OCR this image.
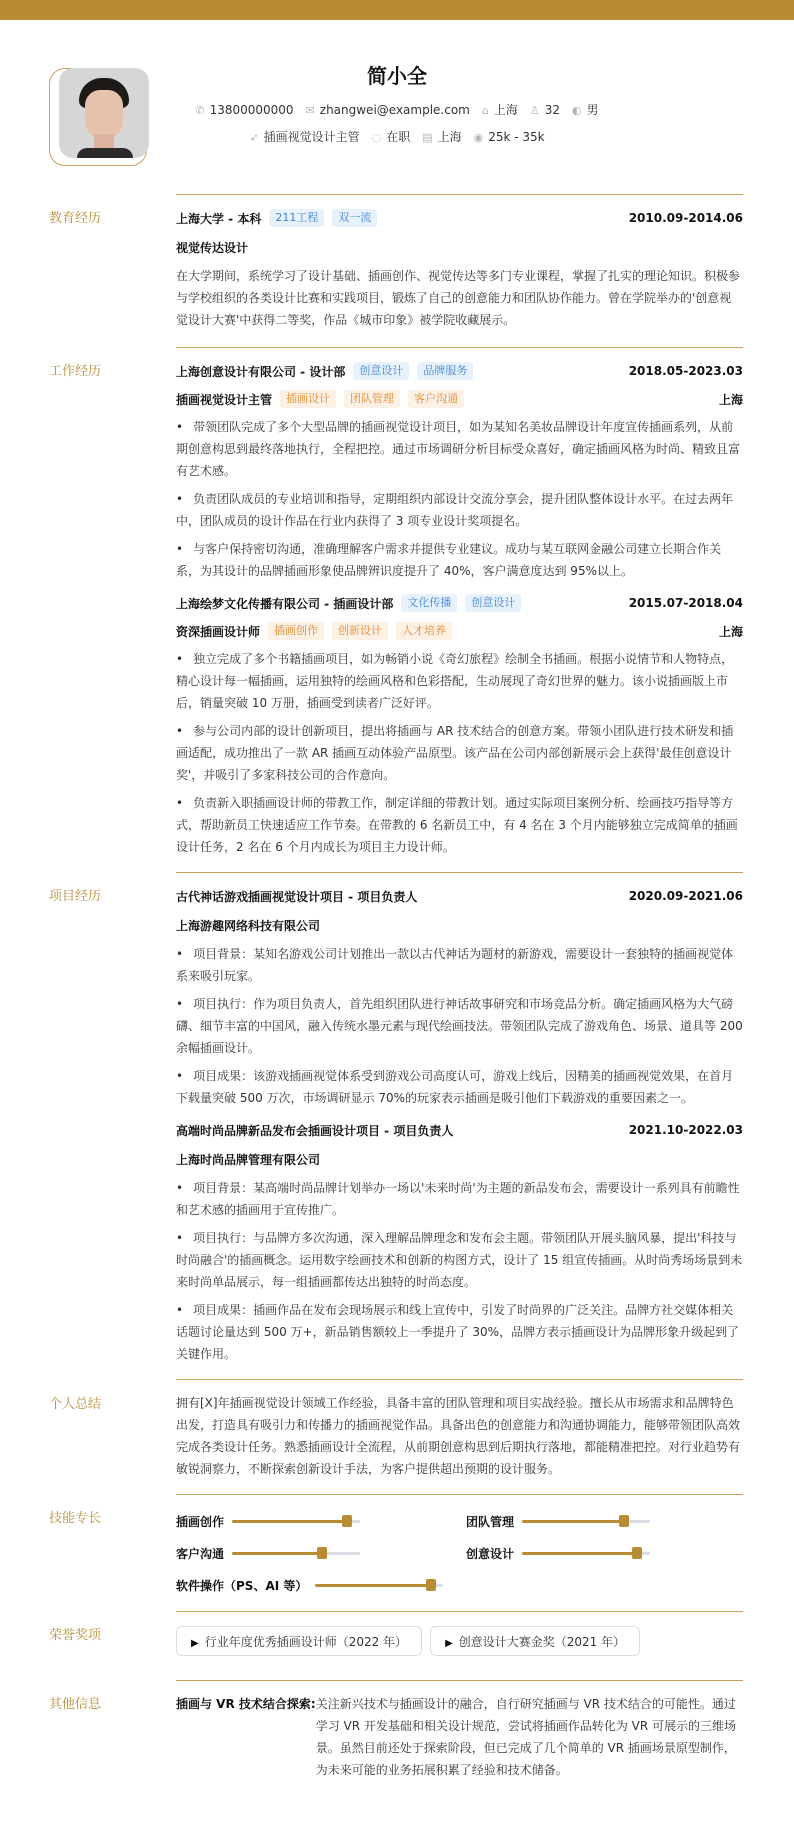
简小全
✆ 13800000000 ✉ zhangwei@example.com ⌂ 上海 ♙ 32 ◐ 男
➶ 插画视觉设计主管 ◌ 在职 ▤ 上海 ◉ 25k - 35k
教育经历	上海大学 - 本科	211工程	双一流	2010.09-2014.06
视觉传达设计
在大学期间，系统学习了设计基础、插画创作、视觉传达等多门专业课程，掌握了扎实的理论知识。积极参与学校组织的各类设计比赛和实践项目，锻炼了自己的创意能力和团队协作能力。曾在学院举办的'创意视觉设计大赛'中获得二等奖，作品《城市印象》被学院收藏展示。
工作经历	上海创意设计有限公司 - 设计部	创意设计	品牌服务	2018.05-2023.03
插画视觉设计主管	插画设计	团队管理	客户沟通	上海
• 带领团队完成了多个大型品牌的插画视觉设计项目，如为某知名美妆品牌设计年度宣传插画系列，从前期创意构思到最终落地执行，全程把控。通过市场调研分析目标受众喜好，确定插画风格为时尚、精致且富有艺术感。
• 负责团队成员的专业培训和指导，定期组织内部设计交流分享会，提升团队整体设计水平。在过去两年中，团队成员的设计作品在行业内获得了 3 项专业设计奖项提名。
• 与客户保持密切沟通，准确理解客户需求并提供专业建议。成功与某互联网金融公司建立长期合作关系，为其设计的品牌插画形象使品牌辨识度提升了 40%，客户满意度达到 95%以上。
上海绘梦文化传播有限公司 - 插画设计部	文化传播	创意设计	2015.07-2018.04
资深插画设计师	插画创作	创新设计	人才培养	上海
• 独立完成了多个书籍插画项目，如为畅销小说《奇幻旅程》绘制全书插画。根据小说情节和人物特点，精心设计每一幅插画，运用独特的绘画风格和色彩搭配，生动展现了奇幻世界的魅力。该小说插画版上市后，销量突破 10 万册，插画受到读者广泛好评。
• 参与公司内部的设计创新项目，提出将插画与 AR 技术结合的创意方案。带领小团队进行技术研发和插画适配，成功推出了一款 AR 插画互动体验产品原型。该产品在公司内部创新展示会上获得'最佳创意设计奖'，并吸引了多家科技公司的合作意向。
• 负责新入职插画设计师的带教工作，制定详细的带教计划。通过实际项目案例分析、绘画技巧指导等方式，帮助新员工快速适应工作节奏。在带教的 6 名新员工中，有 4 名在 3 个月内能够独立完成简单的插画设计任务，2 名在 6 个月内成长为项目主力设计师。
项目经历	古代神话游戏插画视觉设计项目 - 项目负责人	2020.09-2021.06
上海游趣网络科技有限公司
• 项目背景：某知名游戏公司计划推出一款以古代神话为题材的新游戏，需要设计一套独特的插画视觉体系来吸引玩家。
• 项目执行：作为项目负责人，首先组织团队进行神话故事研究和市场竞品分析。确定插画风格为大气磅礴、细节丰富的中国风，融入传统水墨元素与现代绘画技法。带领团队完成了游戏角色、场景、道具等 200 余幅插画设计。
• 项目成果：该游戏插画视觉体系受到游戏公司高度认可，游戏上线后，因精美的插画视觉效果，在首月下载量突破 500 万次，市场调研显示 70%的玩家表示插画是吸引他们下载游戏的重要因素之一。
高端时尚品牌新品发布会插画设计项目 - 项目负责人	2021.10-2022.03
上海时尚品牌管理有限公司
• 项目背景：某高端时尚品牌计划举办一场以'未来时尚'为主题的新品发布会，需要设计一系列具有前瞻性和艺术感的插画用于宣传推广。
• 项目执行：与品牌方多次沟通，深入理解品牌理念和发布会主题。带领团队开展头脑风暴，提出'科技与时尚融合'的插画概念。运用数字绘画技术和创新的构图方式，设计了 15 组宣传插画。从时尚秀场场景到未来时尚单品展示，每一组插画都传达出独特的时尚态度。
• 项目成果：插画作品在发布会现场展示和线上宣传中，引发了时尚界的广泛关注。品牌方社交媒体相关话题讨论量达到 500 万+，新品销售额较上一季提升了 30%，品牌方表示插画设计为品牌形象升级起到了关键作用。
个人总结	拥有[X]年插画视觉设计领域工作经验，具备丰富的团队管理和项目实战经验。擅长从市场需求和品牌特色出发，打造具有吸引力和传播力的插画视觉作品。具备出色的创意能力和沟通协调能力，能够带领团队高效完成各类设计任务。熟悉插画设计全流程，从前期创意构思到后期执行落地，都能精准把控。对行业趋势有敏锐洞察力，不断探索创新设计手法，为客户提供超出预期的设计服务。
技能专长	插画创作	团队管理
客户沟通	创意设计
软件操作（PS、AI 等）
荣誉奖项
▶ 行业年度优秀插画设计师（2022 年）	▶ 创意设计大赛金奖（2021 年）
其他信息	插画与 VR 技术结合探索: 关注新兴技术与插画设计的融合，自行研究插画与 VR 技术结合的可能性。通过学习 VR 开发基础和相关设计规范，尝试将插画作品转化为 VR 可展示的三维场景。虽然目前还处于探索阶段，但已完成了几个简单的 VR 插画场景原型制作，为未来可能的业务拓展积累了经验和技术储备。
